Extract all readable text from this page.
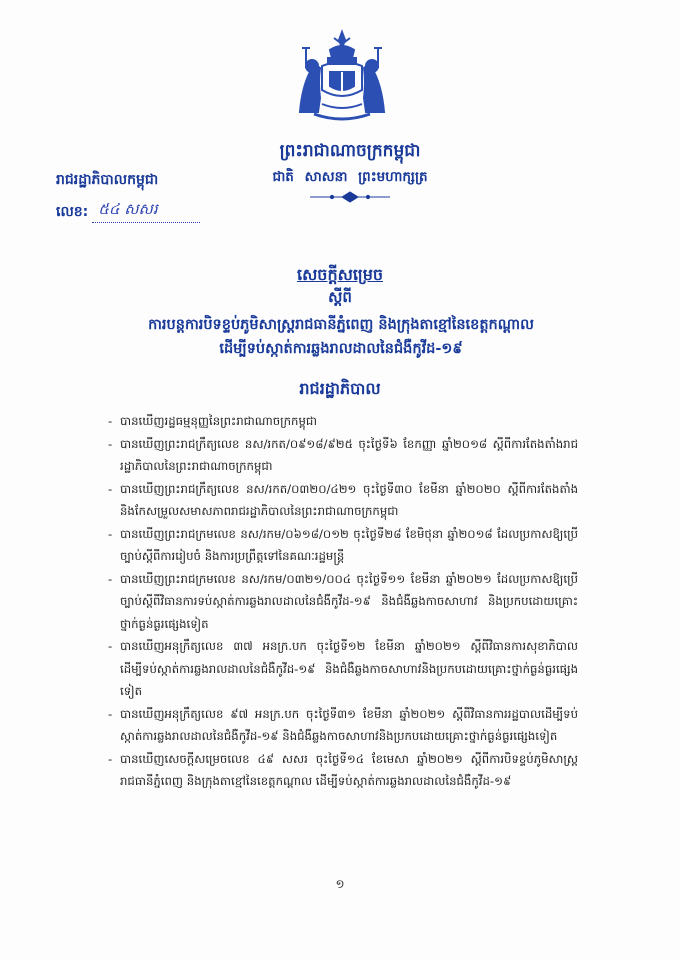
ព្រះរាជាណាចក្រកម្ពុជា
ជាតិ សាសនា ព្រះមហាក្សត្រ
រាជរដ្ឋាភិបាលកម្ពុជា
លេខ: ៥៤ សសរ
សេចក្តីសម្រេច
ស្តីពី
ការបន្តការបិទខ្ទប់ភូមិសាស្ត្ររាជធានីភ្នំពេញ និងក្រុងតាខ្មៅនៃខេត្តកណ្តាល
ដើម្បីទប់ស្កាត់ការឆ្លងរាលដាលនៃជំងឺកូវីដ-១៩
រាជរដ្ឋាភិបាល
- បានឃើញរដ្ឋធម្មនុញ្ញនៃព្រះរាជាណាចក្រកម្ពុជា
- បានឃើញព្រះរាជក្រឹត្យលេខ នស/រកត/០៩១៨/៩២៥ ចុះថ្ងៃទី៦ ខែកញ្ញា ឆ្នាំ២០១៨ ស្តីពីការតែងតាំងរាជរដ្ឋាភិបាលនៃព្រះរាជាណាចក្រកម្ពុជា
- បានឃើញព្រះរាជក្រឹត្យលេខ នស/រកត/០៣២០/៤២១ ចុះថ្ងៃទី៣០ ខែមីនា ឆ្នាំ២០២០ ស្តីពីការតែងតាំង និងកែសម្រួលសមាសភាពរាជរដ្ឋាភិបាលនៃព្រះរាជាណាចក្រកម្ពុជា
- បានឃើញព្រះរាជក្រមលេខ នស/រកម/០៦១៨/០១២ ចុះថ្ងៃទី២៨ ខែមិថុនា ឆ្នាំ២០១៨ ដែលប្រកាសឱ្យប្រើច្បាប់ស្តីពីការរៀបចំ និងការប្រព្រឹត្តទៅនៃគណៈរដ្ឋមន្ត្រី
- បានឃើញព្រះរាជក្រមលេខ នស/រកម/០៣២១/០០៤ ចុះថ្ងៃទី១១ ខែមីនា ឆ្នាំ២០២១ ដែលប្រកាសឱ្យប្រើច្បាប់ស្តីពីវិធានការទប់ស្កាត់ការឆ្លងរាលដាលនៃជំងឺកូវីដ-១៩ និងជំងឺឆ្លងកាចសាហាវ និងប្រកបដោយគ្រោះថ្នាក់ធ្ងន់ធ្ងរផ្សេងទៀត
- បានឃើញអនុក្រឹត្យលេខ ៣៧ អនក្រ.បក ចុះថ្ងៃទី១២ ខែមីនា ឆ្នាំ២០២១ ស្តីពីវិធានការសុខាភិបាលដើម្បីទប់ស្កាត់ការឆ្លងរាលដាលនៃជំងឺកូវីដ-១៩ និងជំងឺឆ្លងកាចសាហាវនិងប្រកបដោយគ្រោះថ្នាក់ធ្ងន់ធ្ងរផ្សេងទៀត
- បានឃើញអនុក្រឹត្យលេខ ៩៧ អនក្រ.បក ចុះថ្ងៃទី៣១ ខែមីនា ឆ្នាំ២០២១ ស្តីពីវិធានការរដ្ឋបាលដើម្បីទប់ស្កាត់ការឆ្លងរាលដាលនៃជំងឺកូវីដ-១៩ និងជំងឺឆ្លងកាចសាហាវនិងប្រកបដោយគ្រោះថ្នាក់ធ្ងន់ធ្ងរផ្សេងទៀត
- បានឃើញសេចក្តីសម្រេចលេខ ៤៩ សសរ ចុះថ្ងៃទី១៤ ខែមេសា ឆ្នាំ២០២១ ស្តីពីការបិទខ្ទប់ភូមិសាស្ត្ររាជធានីភ្នំពេញ និងក្រុងតាខ្មៅនៃខេត្តកណ្តាល ដើម្បីទប់ស្កាត់ការឆ្លងរាលដាលនៃជំងឺកូវីដ-១៩
១
